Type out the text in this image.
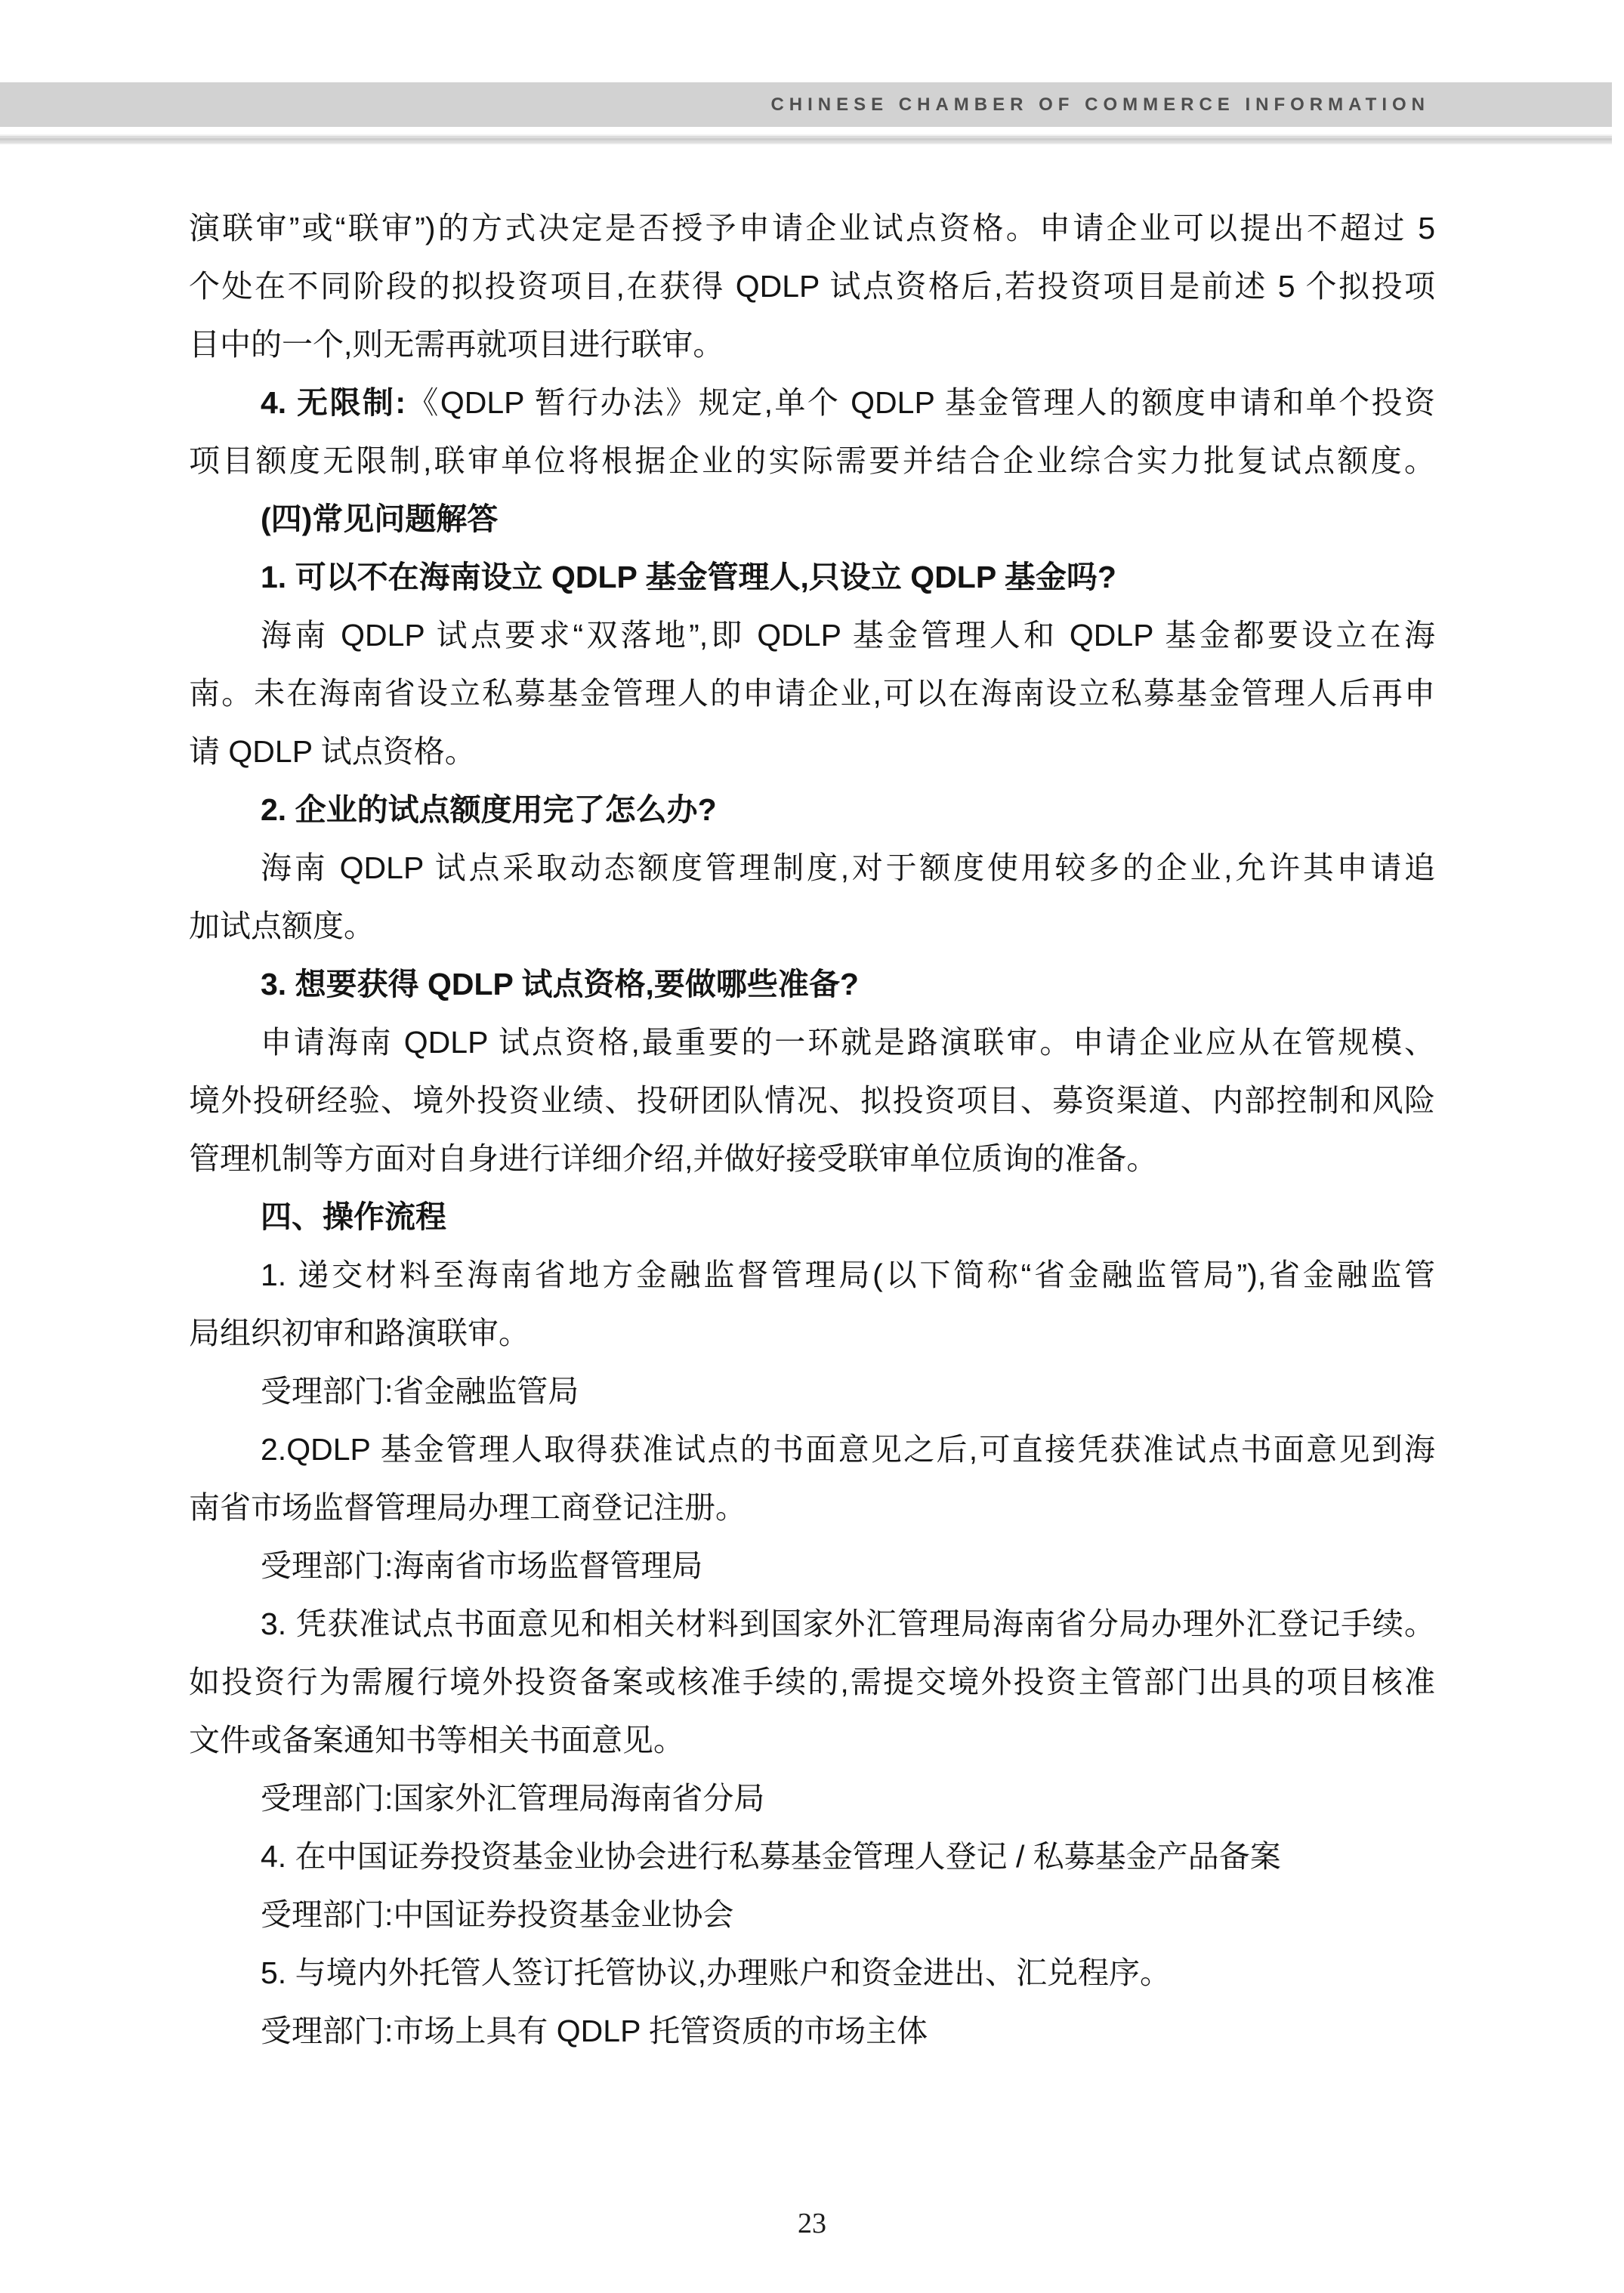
CHINESE CHAMBER OF COMMERCE INFORMATION
演联审”或“联审”)的方式决定是否授予申请企业试点资格。申请企业可以提出不超过 5
个处在不同阶段的拟投资项目,在获得 QDLP 试点资格后,若投资项目是前述 5 个拟投项
目中的一个,则无需再就项目进行联审。
4. 无限制:《QDLP 暂行办法》规定,单个 QDLP 基金管理人的额度申请和单个投资
项目额度无限制,联审单位将根据企业的实际需要并结合企业综合实力批复试点额度。
(四)常见问题解答
1. 可以不在海南设立 QDLP 基金管理人,只设立 QDLP 基金吗?
海南 QDLP 试点要求“双落地”,即 QDLP 基金管理人和 QDLP 基金都要设立在海
南。未在海南省设立私募基金管理人的申请企业,可以在海南设立私募基金管理人后再申
请 QDLP 试点资格。
2. 企业的试点额度用完了怎么办?
海南 QDLP 试点采取动态额度管理制度,对于额度使用较多的企业,允许其申请追
加试点额度。
3. 想要获得 QDLP 试点资格,要做哪些准备?
申请海南 QDLP 试点资格,最重要的一环就是路演联审。申请企业应从在管规模、
境外投研经验、境外投资业绩、投研团队情况、拟投资项目、募资渠道、内部控制和风险
管理机制等方面对自身进行详细介绍,并做好接受联审单位质询的准备。
四、操作流程
1. 递交材料至海南省地方金融监督管理局(以下简称“省金融监管局”),省金融监管
局组织初审和路演联审。
受理部门:省金融监管局
2.QDLP 基金管理人取得获准试点的书面意见之后,可直接凭获准试点书面意见到海
南省市场监督管理局办理工商登记注册。
受理部门:海南省市场监督管理局
3. 凭获准试点书面意见和相关材料到国家外汇管理局海南省分局办理外汇登记手续。
如投资行为需履行境外投资备案或核准手续的,需提交境外投资主管部门出具的项目核准
文件或备案通知书等相关书面意见。
受理部门:国家外汇管理局海南省分局
4. 在中国证券投资基金业协会进行私募基金管理人登记 / 私募基金产品备案
受理部门:中国证券投资基金业协会
5. 与境内外托管人签订托管协议,办理账户和资金进出、汇兑程序。
受理部门:市场上具有 QDLP 托管资质的市场主体
23
